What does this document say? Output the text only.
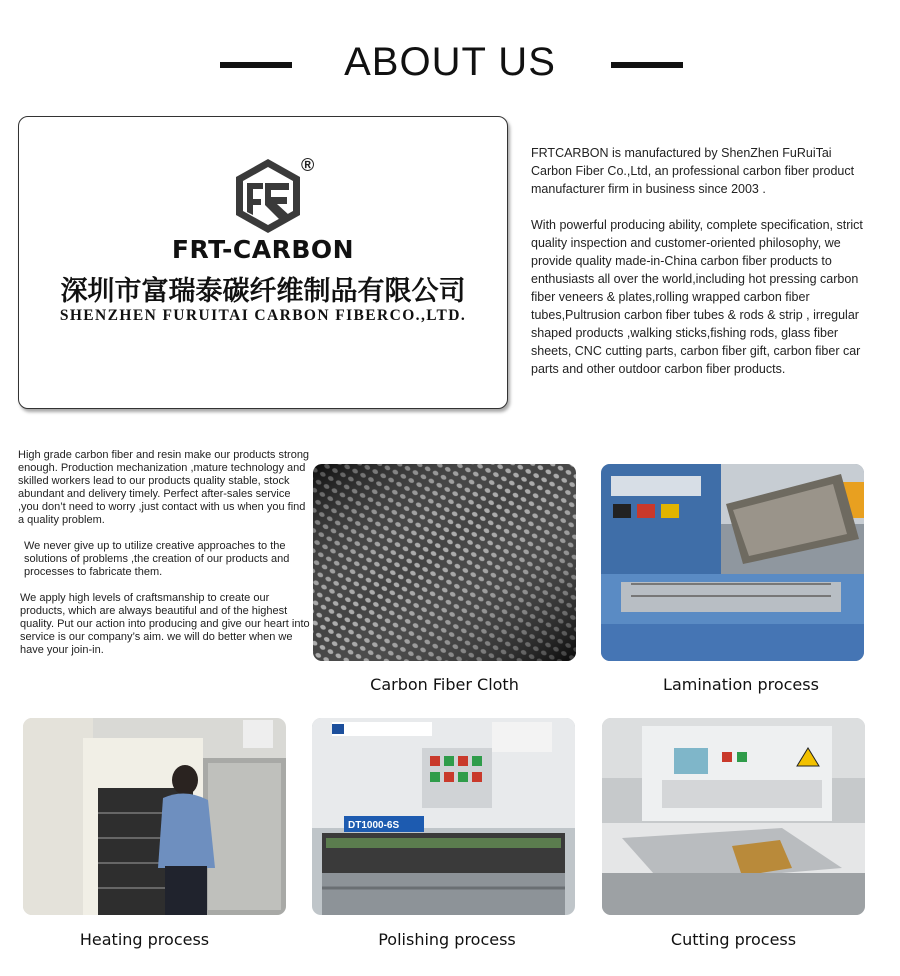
ABOUT US
®
FRT-CARBON
深圳市富瑞泰碳纤维制品有限公司
SHENZHEN FURUITAI CARBON FIBERCO.,LTD.

FRTCARBON is manufactured by ShenZhen FuRuiTai Carbon Fiber Co.,Ltd, an professional carbon fiber product manufacturer firm in business since 2003 .

With powerful producing ability, complete specification, strict quality inspection and customer-oriented philosophy, we provide quality made-in-China carbon fiber products to enthusiasts all over the world,including hot pressing carbon fiber veneers & plates,rolling wrapped carbon fiber tubes,Pultrusion carbon fiber tubes & rods & strip , irregular shaped products ,walking sticks,fishing rods, glass fiber sheets, CNC cutting parts, carbon fiber gift, carbon fiber car parts and other outdoor carbon fiber products.

High grade carbon fiber and resin make our products strong enough. Production mechanization ,mature technology and skilled workers lead to our products quality stable, stock abundant and delivery timely. Perfect after-sales service ,you don’t need to worry ,just contact with us when you find a quality problem.

We never give up to utilize creative approaches to the solutions of problems ,the creation of our products and processes to fabricate them.

We apply high levels of craftsmanship to create our products, which are always beautiful and of the highest quality. Put our action into producing and give our heart into service is our company’s aim. we will do better when we have your join-in.

Carbon Fiber Cloth	Lamination process
Heating process
DT1000-6S
Polishing process	Cutting process
